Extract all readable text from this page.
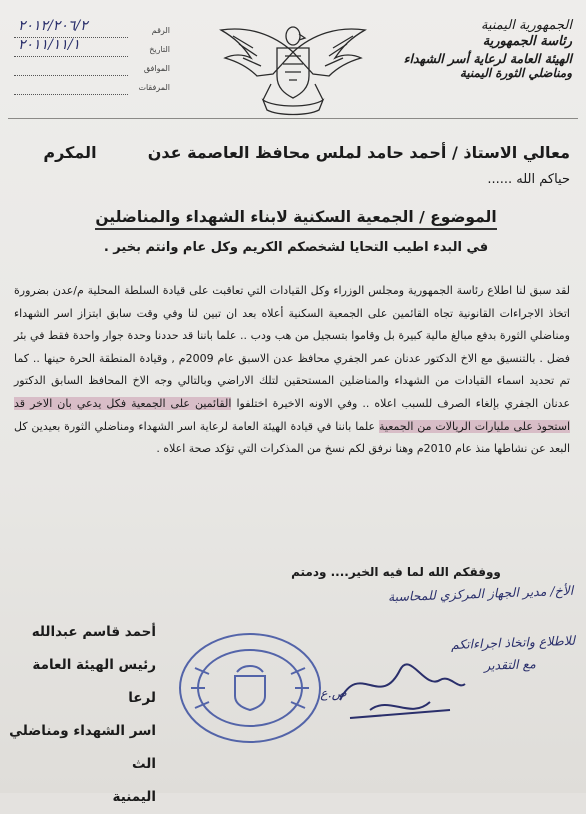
٢٠١٢/٢٠٦/٢	الرقم
٢٠١١/١١/١	التاريخ
الموافق
المرفقات
الجمهورية اليمنية
رئاسة الجمهورية
الهيئة العامة لرعاية أسر الشهداء
ومناضلي الثورة اليمنية
معالي الاستاذ / أحمد حامد لملس محافظ العاصمة عدن  المكرم
حياكم الله ......
الموضوع / الجمعية السكنية لابناء الشهداء والمناضلين
في البدء اطيب التحايا لشخصكم الكريم وكل عام وانتم بخير .
لقد سبق لنا اطلاع رئاسة الجمهورية ومجلس الوزراء وكل القيادات التي تعاقبت على قيادة السلطة المحلية م/عدن بضرورة اتخاذ الاجراءات القانونية تجاه القائمين على الجمعية السكنية أعلاه بعد ان تبين لنا وفي وقت سابق ابتزاز اسر الشهداء ومناضلي الثورة بدفع مبالغ مالية كبيرة بل وقاموا بتسجيل من هب ودب .. علما باننا قد حددنا وحدة جوار واحدة فقط في بئر فضل . بالتنسيق مع الاخ الدكتور عدنان عمر الجفري محافظ عدن الاسبق عام 2009م , وقيادة المنطقة الحرة حينها .. كما تم تحديد اسماء القيادات من الشهداء والمناضلين المستحقين لتلك الاراضي وبالتالي وجه الاخ المحافظ السابق الدكتور عدنان الجفري بإلغاء الصرف للسبب اعلاه .. وفي الاونه الاخيرة اختلفوا القائمين على الجمعية فكل يدعي بان الاخر قد استحوذ على مليارات الريالات من الجمعية علما باننا في قيادة الهيئة العامة لرعاية اسر الشهداء ومناضلي الثورة بعيدين كل البعد عن نشاطها منذ عام 2010م وهنا نرفق لكم نسخ من المذكرات التي تؤكد صحة اعلاه .
ووفقكم الله لما فيه الخير.... ودمتم
الأخ/ مدير الجهاز المركزي للمحاسبة
للاطلاع واتخاذ اجراءاتكم
مع التقدير
ص.ع
أحمد قاسم عبدالله
رئيس الهيئة العامة لرعا
اسر الشهداء ومناضلي الث
اليمنية
